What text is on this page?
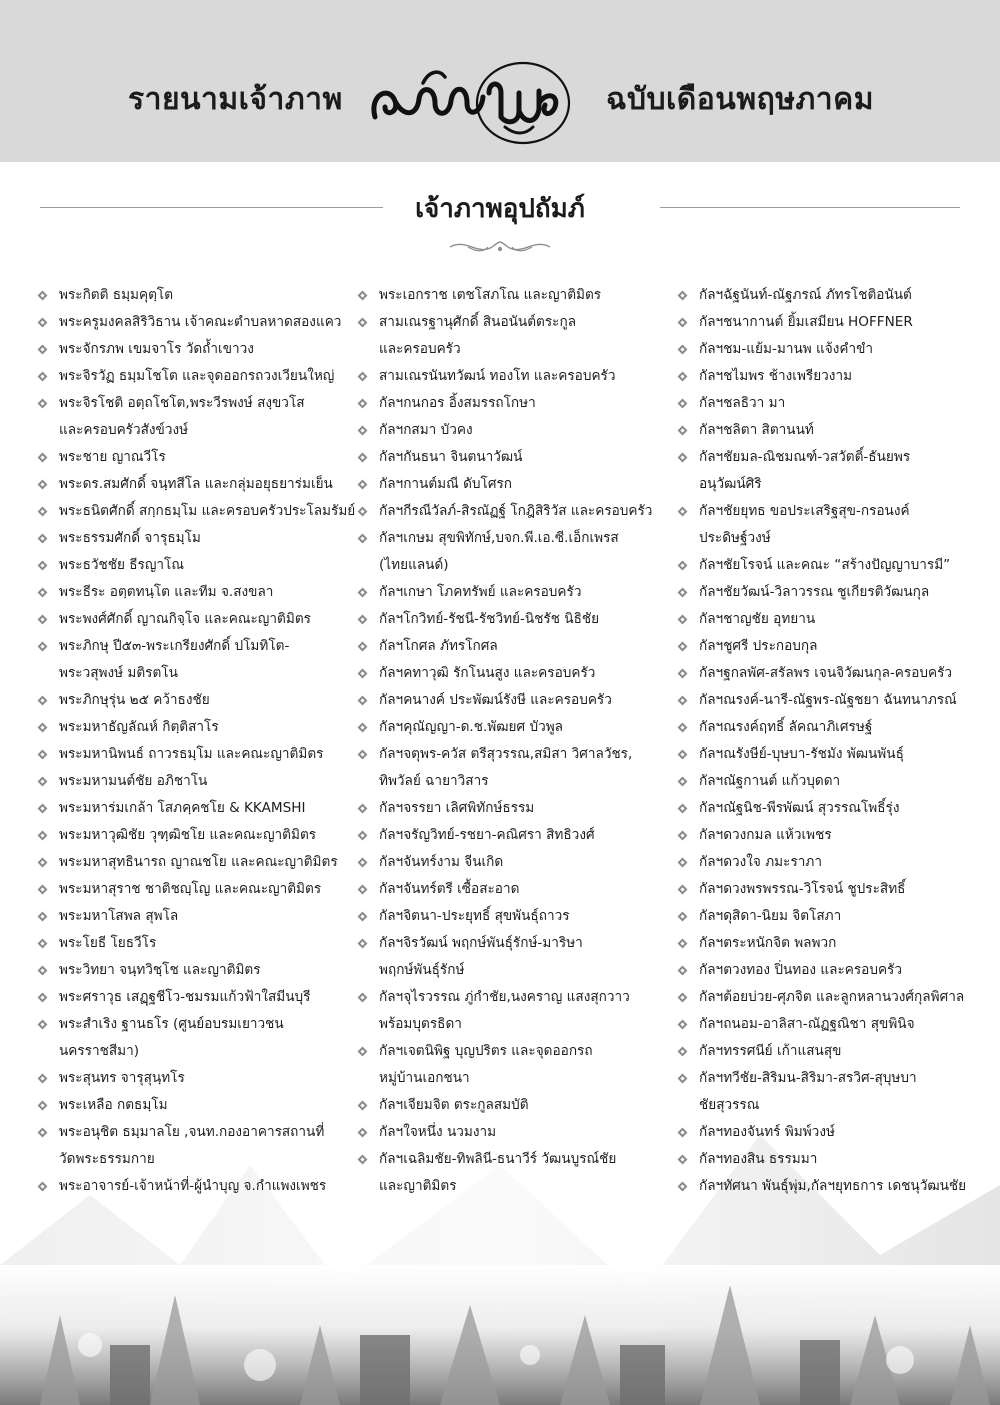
รายนามเจ้าภาพ	ฉบับเดือนพฤษภาคม
เจ้าภาพอุปถัมภ์
พระกิตติ ธมฺมคุตฺโต
พระครูมงคลสิริวิธาน เจ้าคณะตำบลหาดสองแคว
พระจักรภพ เขมจาโร วัดถ้ำเขาวง
พระจิรวัฏ ธมฺมโชโต และจุดออกรถวงเวียนใหญ่
พระจิรโชติ อตฺถโชโต,พระวีรพงษ์ สงฺขวโส
และครอบครัวสังข์วงษ์
พระชาย ญาณวีโร
พระดร.สมศักดิ์ จนฺทสีโล และกลุ่มอยุธยาร่มเย็น
พระธนิตศักดิ์ สกฺกธมฺโม และครอบครัวประโลมรัมย์
พระธรรมศักดิ์ จารุธมฺโม
พระธวัชชัย ธีรญาโณ
พระธีระ อตฺตทนฺโต และทีม จ.สงขลา
พระพงศ์ศักดิ์ ญาณกิจฺโจ และคณะญาติมิตร
พระภิกษุ ปี๕๓-พระเกรียงศักดิ์ ปโมทิโต-
พระวสุพงษ์ มติรตโน
พระภิกษุรุ่น ๒๕ คว้าธงชัย
พระมหาธัญลัณห์ กิตฺติสาโร
พระมหานิพนธ์ ถาวรธมฺโม และคณะญาติมิตร
พระมหามนต์ชัย อภิชาโน
พระมหาร่มเกล้า โสภคฺคชโย & KKAMSHI
พระมหาวุฒิชัย วุฑฺฒิชโย และคณะญาติมิตร
พระมหาสุทธินารถ ญาณชโย และคณะญาติมิตร
พระมหาสุราช ชาติชญฺโญ และคณะญาติมิตร
พระมหาโสพล สุพโล
พระโยธี โยธวีโร
พระวิทยา จนฺทวิชฺโช และญาติมิตร
พระศราวุธ เสฏฺฐชีโว-ชมรมแก้วฟ้าใสมีนบุรี
พระสำเริง ฐานธโร (ศูนย์อบรมเยาวชน
นครราชสีมา)
พระสุนทร จารุสุนฺทโร
พระเหลือ กตธมฺโม
พระอนุชิต ธมฺมาลโย ,จนท.กองอาคารสถานที่
วัดพระธรรมกาย
พระอาจารย์-เจ้าหน้าที่-ผู้นำบุญ จ.กำแพงเพชร
พระเอกราช เตชโสภโณ และญาติมิตร
สามเณรฐานุศักดิ์ สินอนันต์ตระกูล
และครอบครัว
สามเณรนันทวัฒน์ ทองโท และครอบครัว
กัลฯกนกอร อิ้งสมรรถโกษา
กัลฯกสมา บัวคง
กัลฯกันธนา จินตนาวัฒน์
กัลฯกานต์มณี ดับโศรก
กัลฯกีรณีวัลภ์-สิรณัฏฐ์ โกฎิสิริวัส และครอบครัว
กัลฯเกษม สุขพิทักษ์,บจก.พี.เอ.ซี.เอ็กเพรส
(ไทยแลนด์)
กัลฯเกษา โภคทรัพย์ และครอบครัว
กัลฯโกวิทย์-รัชนี-รัชวิทย์-นิชรัช นิธิชัย
กัลฯโกศล ภัทรโกศล
กัลฯคทาวุฒิ รักโนนสูง และครอบครัว
กัลฯคนางค์ ประพัฒน์รังษี และครอบครัว
กัลฯคุณัญญา-ด.ช.พัฒยศ บัวพูล
กัลฯจตุพร-ควัส ตรีสุวรรณ,สมิสา วิศาลวัชร,
ทิพวัลย์ ฉายาวิสาร
กัลฯจรรยา เลิศพิทักษ์ธรรม
กัลฯจรัญวิทย์-รชยา-คณิศรา สิทธิวงศ์
กัลฯจันทร์งาม จีนเกิด
กัลฯจันทร์ตรี เซื้อสะอาด
กัลฯจิตนา-ประยุทธิ์ สุขพันธุ์ถาวร
กัลฯจิรวัฒน์ พฤกษ์พันธุ์รักษ์-มาริษา
พฤกษ์พันธุ์รักษ์
กัลฯจุไรวรรณ ภู่กำชัย,นงคราญ แสงสุกวาว
พร้อมบุตรธิดา
กัลฯเจตนิพิฐ บุญปริตร และจุดออกรถ
หมู่บ้านเอกชนา
กัลฯเจียมจิต ตระกูลสมบัติ
กัลฯใจหนึ่ง นวมงาม
กัลฯเฉลิมชัย-ทิพลินี-ธนาวีร์ วัฒนบูรณ์ชัย
และญาติมิตร
กัลฯฉัฐนันท์-ณัฐภรณ์ ภัทรโชติอนันต์
กัลฯชนากานต์ ยิ้มเสมียน HOFFNER
กัลฯชม-แย้ม-มานพ แจ้งคำขำ
กัลฯชไมพร ช้างเพรียวงาม
กัลฯชลธิวา มา
กัลฯชลิตา สิตานนท์
กัลฯชัยมล-ณิชมณฑ์-วสวัตติ์-ธันยพร
อนุวัฒน์ศิริ
กัลฯชัยยุทธ ขอประเสริฐสุข-กรอนงค์
ประดิษฐ์วงษ์
กัลฯชัยโรจน์ และคณะ “สร้างปัญญาบารมี”
กัลฯชัยวัฒน์-วิลาวรรณ ชูเกียรติวัฒนกุล
กัลฯชาญชัย อุทยาน
กัลฯชูศรี ประกอบกุล
กัลฯฐกลพัศ-สรัลพร เจนจิวัฒนกุล-ครอบครัว
กัลฯณรงค์-นารี-ณัฐพร-ณัฐชยา ฉันทนาภรณ์
กัลฯณรงค์ฤทธิ์ ลัคณาภิเศรษฐ์
กัลฯณรังษีย์-บุษบา-รัชมัง พัฒนพันธุ์
กัลฯณัฐกานต์ แก้วบุดดา
กัลฯณัฐนิช-พีรพัฒน์ สุวรรณโพธิ์รุ่ง
กัลฯดวงกมล แห้วเพชร
กัลฯดวงใจ ภมะราภา
กัลฯดวงพรพรรณ-วิโรจน์ ชูประสิทธิ์
กัลฯดุสิดา-นิยม จิตโสภา
กัลฯตระหนักจิต พลพวก
กัลฯตวงทอง ปิ่นทอง และครอบครัว
กัลฯต้อยบ่วย-ศุภจิต และลูกหลานวงศ์กุลพิศาล
กัลฯถนอม-อาลิสา-ณัฏฐณิชา สุขพินิจ
กัลฯทรรศนีย์ เก้าแสนสุข
กัลฯทวีชัย-สิริมน-สิริมา-สรวิศ-สุบุษบา
ชัยสุวรรณ
กัลฯทองจันทร์ พิมพ์วงษ์
กัลฯทองสิน ธรรมมา
กัลฯทัศนา พันธุ์พุ่ม,กัลฯยุทธการ เดชนุวัฒนชัย
